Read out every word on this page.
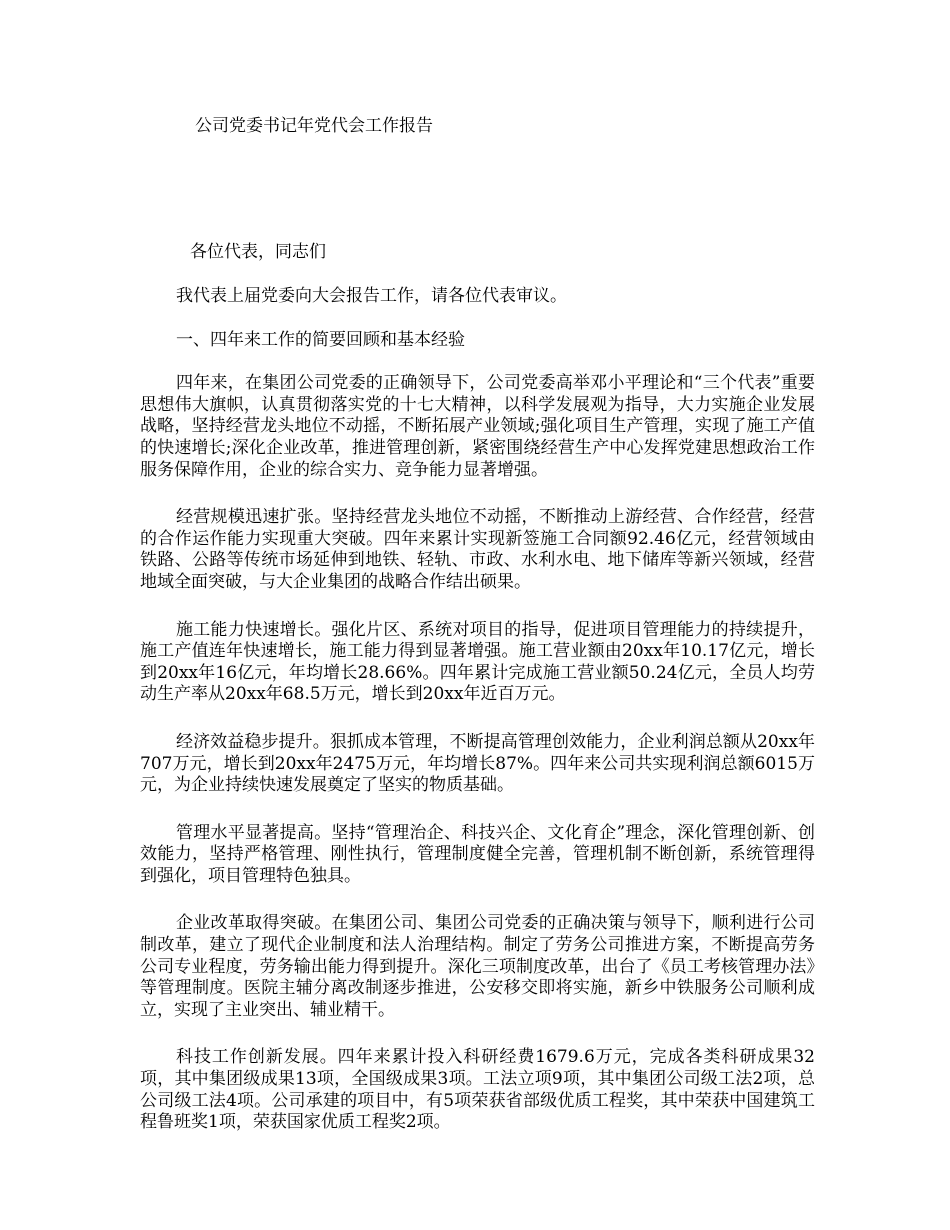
公司党委书记年党代会工作报告

各位代表，同志们

我代表上届党委向大会报告工作，请各位代表审议。

一、四年来工作的简要回顾和基本经验

四年来，在集团公司党委的正确领导下，公司党委高举邓小平理论和“三个代表”重要思想伟大旗帜，认真贯彻落实党的十七大精神，以科学发展观为指导，大力实施企业发展战略，坚持经营龙头地位不动摇，不断拓展产业领域;强化项目生产管理，实现了施工产值的快速增长;深化企业改革，推进管理创新，紧密围绕经营生产中心发挥党建思想政治工作服务保障作用，企业的综合实力、竞争能力显著增强。

经营规模迅速扩张。坚持经营龙头地位不动摇，不断推动上游经营、合作经营，经营的合作运作能力实现重大突破。四年来累计实现新签施工合同额92.46亿元，经营领域由铁路、公路等传统市场延伸到地铁、轻轨、市政、水利水电、地下储库等新兴领域，经营地域全面突破，与大企业集团的战略合作结出硕果。

施工能力快速增长。强化片区、系统对项目的指导，促进项目管理能力的持续提升，施工产值连年快速增长，施工能力得到显著增强。施工营业额由20xx年10.17亿元，增长到20xx年16亿元，年均增长28.66%。四年累计完成施工营业额50.24亿元，全员人均劳动生产率从20xx年68.5万元，增长到20xx年近百万元。

经济效益稳步提升。狠抓成本管理，不断提高管理创效能力，企业利润总额从20xx年707万元，增长到20xx年2475万元，年均增长87%。四年来公司共实现利润总额6015万元，为企业持续快速发展奠定了坚实的物质基础。

管理水平显著提高。坚持“管理治企、科技兴企、文化育企”理念，深化管理创新、创效能力，坚持严格管理、刚性执行，管理制度健全完善，管理机制不断创新，系统管理得到强化，项目管理特色独具。

企业改革取得突破。在集团公司、集团公司党委的正确决策与领导下，顺利进行公司制改革，建立了现代企业制度和法人治理结构。制定了劳务公司推进方案，不断提高劳务公司专业程度，劳务输出能力得到提升。深化三项制度改革，出台了《员工考核管理办法》等管理制度。医院主辅分离改制逐步推进，公安移交即将实施，新乡中铁服务公司顺利成立，实现了主业突出、辅业精干。

科技工作创新发展。四年来累计投入科研经费1679.6万元，完成各类科研成果32项，其中集团级成果13项，全国级成果3项。工法立项9项，其中集团公司级工法2项，总公司级工法4项。公司承建的项目中，有5项荣获省部级优质工程奖，其中荣获中国建筑工程鲁班奖1项，荣获国家优质工程奖2项。
